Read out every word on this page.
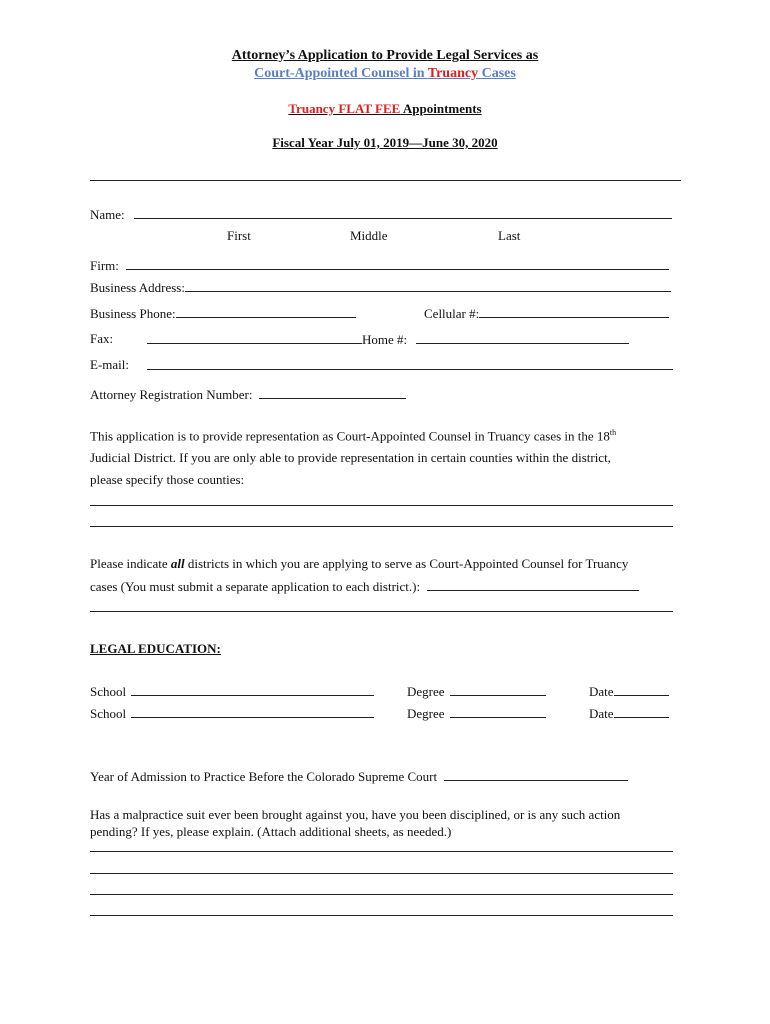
Attorney’s Application to Provide Legal Services as
Court-Appointed Counsel in Truancy Cases
Truancy FLAT FEE Appointments
Fiscal Year July 01, 2019—June 30, 2020
Name:
First	Middle	Last
Firm:
Business Address:
Business Phone:	Cellular #:
Fax:	Home #:
E-mail:
Attorney Registration Number:
This application is to provide representation as Court-Appointed Counsel in Truancy cases in the 18th
Judicial District. If you are only able to provide representation in certain counties within the district,
please specify those counties:
Please indicate all districts in which you are applying to serve as Court-Appointed Counsel for Truancy
cases (You must submit a separate application to each district.):
LEGAL EDUCATION:
School	Degree	Date
School	Degree	Date
Year of Admission to Practice Before the Colorado Supreme Court
Has a malpractice suit ever been brought against you, have you been disciplined, or is any such action
pending? If yes, please explain. (Attach additional sheets, as needed.)
